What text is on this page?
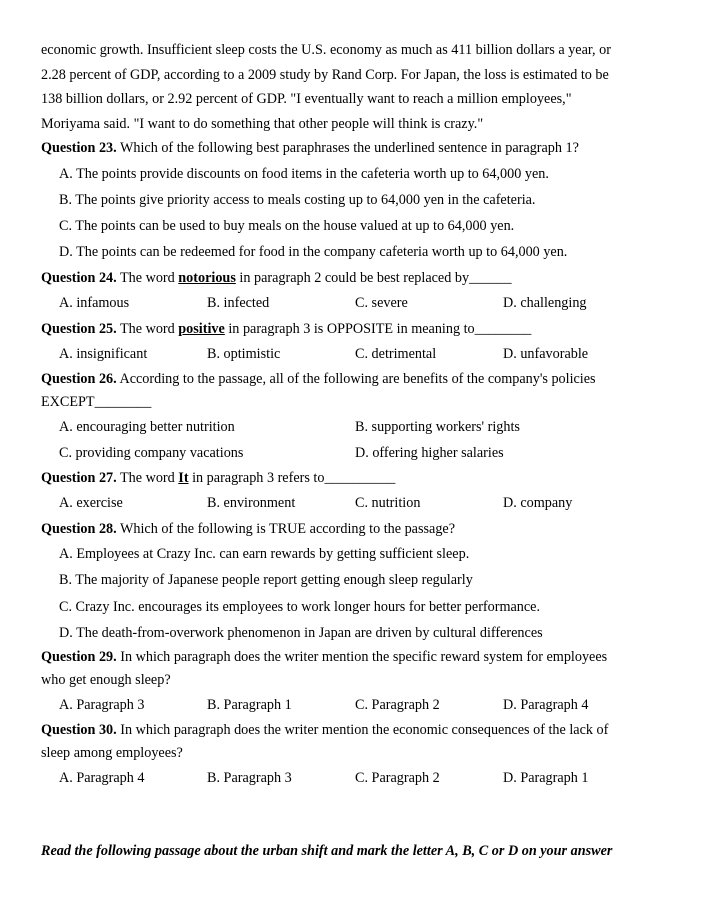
economic growth. Insufficient sleep costs the U.S. economy as much as 411 billion dollars a year, or
2.28 percent of GDP, according to a 2009 study by Rand Corp. For Japan, the loss is estimated to be
138 billion dollars, or 2.92 percent of GDP. "I eventually want to reach a million employees,"
Moriyama said. "I want to do something that other people will think is crazy."
Question 23. Which of the following best paraphrases the underlined sentence in paragraph 1?
A. The points provide discounts on food items in the cafeteria worth up to 64,000 yen.
B. The points give priority access to meals costing up to 64,000 yen in the cafeteria.
C. The points can be used to buy meals on the house valued at up to 64,000 yen.
D. The points can be redeemed for food in the company cafeteria worth up to 64,000 yen.
Question 24. The word notorious in paragraph 2 could be best replaced by______
A. infamous	B. infected	C. severe	D. challenging
Question 25. The word positive in paragraph 3 is OPPOSITE in meaning to________
A. insignificant	B. optimistic	C. detrimental	D. unfavorable
Question 26. According to the passage, all of the following are benefits of the company's policies
EXCEPT________
A. encouraging better nutrition	B. supporting workers' rights
C. providing company vacations	D. offering higher salaries
Question 27. The word It in paragraph 3 refers to__________
A. exercise	B. environment	C. nutrition	D. company
Question 28. Which of the following is TRUE according to the passage?
A. Employees at Crazy Inc. can earn rewards by getting sufficient sleep.
B. The majority of Japanese people report getting enough sleep regularly
C. Crazy Inc. encourages its employees to work longer hours for better performance.
D. The death-from-overwork phenomenon in Japan are driven by cultural differences
Question 29. In which paragraph does the writer mention the specific reward system for employees
who get enough sleep?
A. Paragraph 3	B. Paragraph 1	C. Paragraph 2	D. Paragraph 4
Question 30. In which paragraph does the writer mention the economic consequences of the lack of
sleep among employees?
A. Paragraph 4	B. Paragraph 3	C. Paragraph 2	D. Paragraph 1
Read the following passage about the urban shift and mark the letter A, B, C or D on your answer
